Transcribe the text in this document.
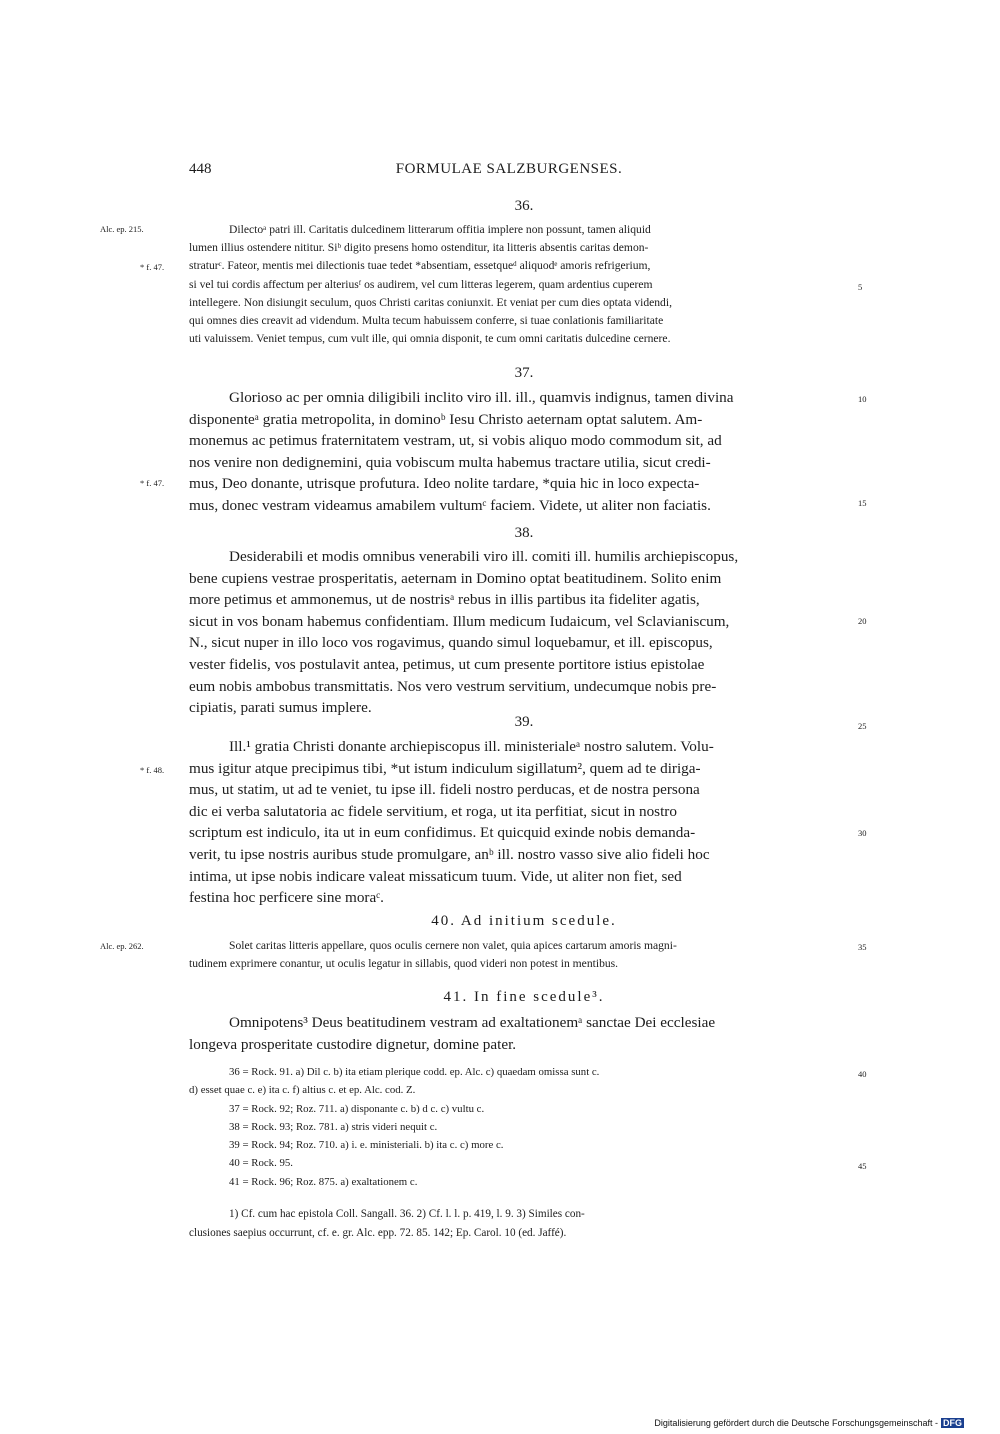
448	FORMULAE SALZBURGENSES.
36.
Alc. ep. 215.
* f. 47.
Dilectoᵃ patri ill. Caritatis dulcedinem litterarum offitia implere non possunt, tamen aliquid
lumen illius ostendere nititur. Siᵇ digito presens homo ostenditur, ita litteris absentis caritas demon-
straturᶜ. Fateor, mentis mei dilectionis tuae tedet *absentiam, essetqueᵈ aliquodᵉ amoris refrigerium,
si vel tui cordis affectum per alteriusᶠ os audirem, vel cum litteras legerem, quam ardentius cuperem
intellegere. Non disiungit seculum, quos Christi caritas coniunxit. Et veniat per cum dies optata videndi,
qui omnes dies creavit ad videndum. Multa tecum habuissem conferre, si tuae conlationis familiaritate
uti valuissem. Veniet tempus, cum vult ille, qui omnia disponit, te cum omni caritatis dulcedine cernere.
37.
* f. 47.
Glorioso ac per omnia diligibili inclito viro ill. ill., quamvis indignus, tamen divina
disponenteᵃ gratia metropolita, in dominoᵇ Iesu Christo aeternam optat salutem. Am-
monemus ac petimus fraternitatem vestram, ut, si vobis aliquo modo commodum sit, ad
nos venire non dedignemini, quia vobiscum multa habemus tractare utilia, sicut credi-
mus, Deo donante, utrisque profutura. Ideo nolite tardare, *quia hic in loco expecta-
mus, donec vestram videamus amabilem vultumᶜ faciem. Videte, ut aliter non faciatis.
38.
Desiderabili et modis omnibus venerabili viro ill. comiti ill. humilis archiepiscopus,
bene cupiens vestrae prosperitatis, aeternam in Domino optat beatitudinem. Solito enim
more petimus et ammonemus, ut de nostrisᵃ rebus in illis partibus ita fideliter agatis,
sicut in vos bonam habemus confidentiam. Illum medicum Iudaicum, vel Sclavianiscum,
N., sicut nuper in illo loco vos rogavimus, quando simul loquebamur, et ill. episcopus,
vester fidelis, vos postulavit antea, petimus, ut cum presente portitore istius epistolae
eum nobis ambobus transmittatis. Nos vero vestrum servitium, undecumque nobis pre-
cipiatis, parati sumus implere.
39.
* f. 48.
Ill.¹ gratia Christi donante archiepiscopus ill. ministerialeᵃ nostro salutem. Volu-
mus igitur atque precipimus tibi, *ut istum indiculum sigillatum², quem ad te diriga-
mus, ut statim, ut ad te veniet, tu ipse ill. fideli nostro perducas, et de nostra persona
dic ei verba salutatoria ac fidele servitium, et roga, ut ita perfitiat, sicut in nostro
scriptum est indiculo, ita ut in eum confidimus. Et quicquid exinde nobis demanda-
verit, tu ipse nostris auribus stude promulgare, anᵇ ill. nostro vasso sive alio fideli hoc
intima, ut ipse nobis indicare valeat missaticum tuum. Vide, ut aliter non fiet, sed
festina hoc perficere sine moraᶜ.
40. Ad initium scedule.
Alc. ep. 262.	Solet caritas litteris appellare, quos oculis cernere non valet, quia apices cartarum amoris magni-
tudinem exprimere conantur, ut oculis legatur in sillabis, quod videri non potest in mentibus.
41. In fine scedule³.
Omnipotens³ Deus beatitudinem vestram ad exaltationemᵃ sanctae Dei ecclesiae
longeva prosperitate custodire dignetur, domine pater.
5
10
15
20
25
30
35
40
45
36 = Rock. 91. a) Dil c. b) ita etiam plerique codd. ep. Alc. c) quaedam omissa sunt c.
d) esset quae c. e) ita c. f) altius c. et ep. Alc. cod. Z.
37 = Rock. 92; Roz. 711. a) disponante c. b) d c. c) vultu c.
38 = Rock. 93; Roz. 781. a) stris videri nequit c.
39 = Rock. 94; Roz. 710. a) i. e. ministeriali. b) ita c. c) more c.
40 = Rock. 95.
41 = Rock. 96; Roz. 875. a) exaltationem c.
1) Cf. cum hac epistola Coll. Sangall. 36. 2) Cf. l. l. p. 419, l. 9. 3) Similes con-
clusiones saepius occurrunt, cf. e. gr. Alc. epp. 72. 85. 142; Ep. Carol. 10 (ed. Jaffé).
Digitalisierung gefördert durch die Deutsche Forschungsgemeinschaft - DFG
